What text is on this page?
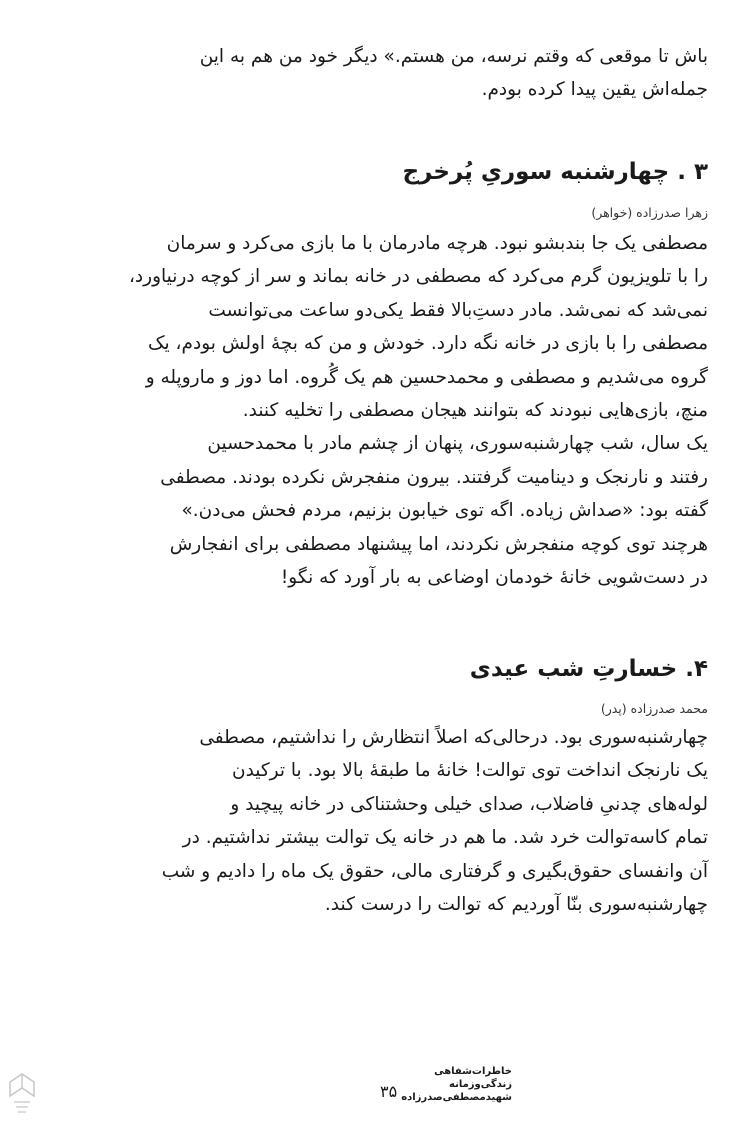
باش تا موقعی که وقتم نرسه، من هستم.» دیگر خود من هم به این

جمله‌اش یقین پیدا کرده بودم.

۳ . چهارشنبه سوریِ پُرخرج
زهرا صدرزاده (خواهر)

مصطفی یک جا بندبشو نبود. هرچه مادرمان با ما بازی می‌کرد و سرمان

را با تلویزیون گرم می‌کرد که مصطفی در خانه بماند و سر از کوچه درنیاورد،

نمی‌شد که نمی‌شد. مادر دستِ‌بالا فقط یکی‌دو ساعت می‌توانست

مصطفی را با بازی در خانه نگه دارد. خودش و من که بچهٔ اولش بودم، یک

گروه می‌شدیم و مصطفی و محمدحسین هم یک گُروه. اما دوز و مارو‌پله و

منچ، بازی‌هایی نبودند که بتوانند هیجان مصطفی را تخلیه کنند.

یک سال، شب چهارشنبه‌سوری، پنهان از چشم مادر با محمدحسین

رفتند و نارنجک و دینامیت گرفتند. بیرون منفجرش نکرده بودند. مصطفی

گفته بود: «صداش زیاده. اگه توی خیابون بزنیم، مردم فحش می‌دن.»

هرچند توی کوچه منفجرش نکردند، اما پیشنهاد مصطفی برای انفجارش

در دست‌شویی خانهٔ خودمان اوضاعی به بار آورد که نگو!

۴. خسارتِ شب عیدی
محمد صدرزاده (پدر)

چهارشنبه‌سوری بود. درحالی‌که اصلاً انتظارش را نداشتیم، مصطفی

یک نارنجک انداخت توی توالت! خانهٔ ما طبقهٔ بالا بود. با ترکیدن

لوله‌های چدنیِ فاضلاب، صدای خیلی وحشتناکی در خانه پیچید و

تمام کاسه‌توالت خرد شد. ما هم در خانه یک توالت بیشتر نداشتیم. در

آن وانفسای حقوق‌بگیری و گرفتاری مالی، حقوق یک ماه را دادیم و شب

چهارشنبه‌سوری بنّا آوردیم که توالت را درست کند.

۳۵
خاطرات‌شفاهی
زندگی‌وزمانه
شهیدمصطفی‌صدرزاده
